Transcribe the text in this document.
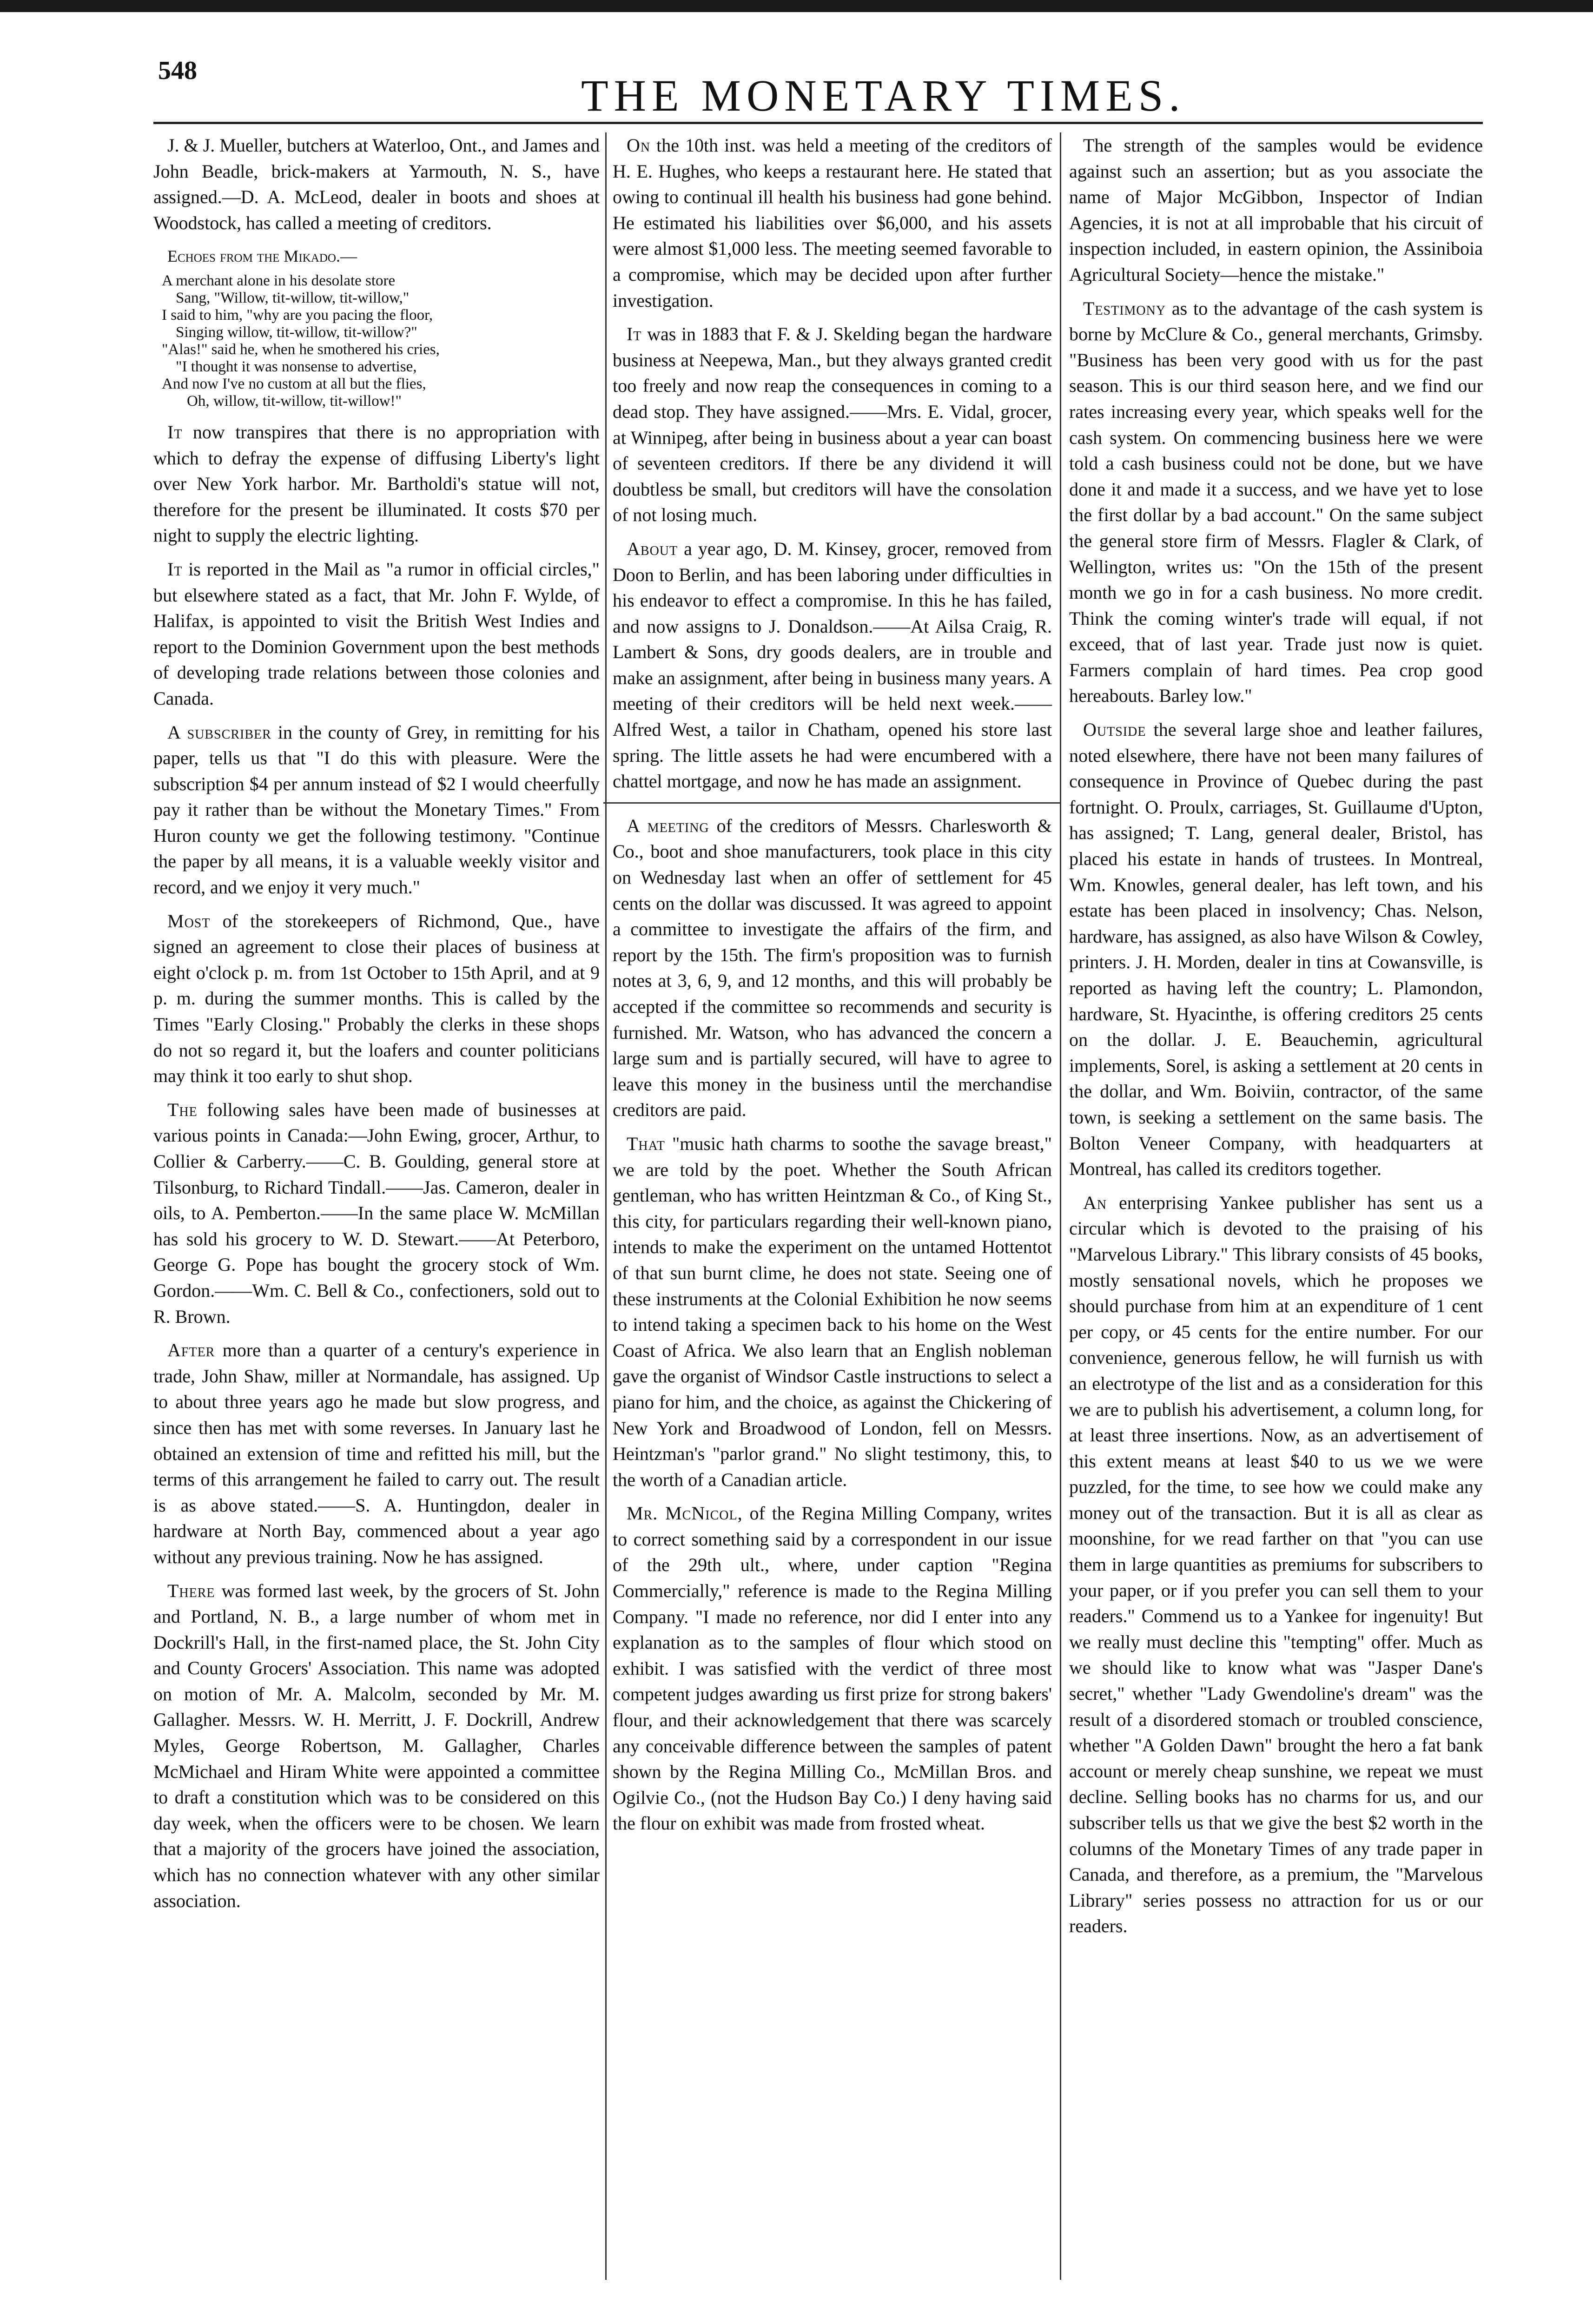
548	THE MONETARY TIMES.

J. & J. Mueller, butchers at Waterloo, Ont., and James and John Beadle, brick-makers at Yarmouth, N. S., have assigned.—D. A. McLeod, dealer in boots and shoes at Woodstock, has called a meeting of creditors.

Echoes from the Mikado.—
A merchant alone in his desolate store
Sang, "Willow, tit-willow, tit-willow,"
I said to him, "why are you pacing the floor,
Singing willow, tit-willow, tit-willow?"
"Alas!" said he, when he smothered his cries,
"I thought it was nonsense to advertise,
And now I've no custom at all but the flies,
Oh, willow, tit-willow, tit-willow!"

It now transpires that there is no appropriation with which to defray the expense of diffusing Liberty's light over New York harbor. Mr. Bartholdi's statue will not, therefore for the present be illuminated. It costs $70 per night to supply the electric lighting.

It is reported in the Mail as "a rumor in official circles," but elsewhere stated as a fact, that Mr. John F. Wylde, of Halifax, is appointed to visit the British West Indies and report to the Dominion Government upon the best methods of developing trade relations between those colonies and Canada.

A subscriber in the county of Grey, in remitting for his paper, tells us that "I do this with pleasure. Were the subscription $4 per annum instead of $2 I would cheerfully pay it rather than be without the Monetary Times." From Huron county we get the following testimony. "Continue the paper by all means, it is a valuable weekly visitor and record, and we enjoy it very much."

Most of the storekeepers of Richmond, Que., have signed an agreement to close their places of business at eight o'clock p. m. from 1st October to 15th April, and at 9 p. m. during the summer months. This is called by the Times "Early Closing." Probably the clerks in these shops do not so regard it, but the loafers and counter politicians may think it too early to shut shop.

The following sales have been made of businesses at various points in Canada:—John Ewing, grocer, Arthur, to Collier & Carberry.——C. B. Goulding, general store at Tilsonburg, to Richard Tindall.——Jas. Cameron, dealer in oils, to A. Pemberton.——In the same place W. McMillan has sold his grocery to W. D. Stewart.——At Peterboro, George G. Pope has bought the grocery stock of Wm. Gordon.——Wm. C. Bell & Co., confectioners, sold out to R. Brown.

After more than a quarter of a century's experience in trade, John Shaw, miller at Normandale, has assigned. Up to about three years ago he made but slow progress, and since then has met with some reverses. In January last he obtained an extension of time and refitted his mill, but the terms of this arrangement he failed to carry out. The result is as above stated.——S. A. Huntingdon, dealer in hardware at North Bay, commenced about a year ago without any previous training. Now he has assigned.

There was formed last week, by the grocers of St. John and Portland, N. B., a large number of whom met in Dockrill's Hall, in the first-named place, the St. John City and County Grocers' Association. This name was adopted on motion of Mr. A. Malcolm, seconded by Mr. M. Gallagher. Messrs. W. H. Merritt, J. F. Dockrill, Andrew Myles, George Robertson, M. Gallagher, Charles McMichael and Hiram White were appointed a committee to draft a constitution which was to be considered on this day week, when the officers were to be chosen. We learn that a majority of the grocers have joined the association, which has no connection whatever with any other similar association.

On the 10th inst. was held a meeting of the creditors of H. E. Hughes, who keeps a restaurant here. He stated that owing to continual ill health his business had gone behind. He estimated his liabilities over $6,000, and his assets were almost $1,000 less. The meeting seemed favorable to a compromise, which may be decided upon after further investigation.

It was in 1883 that F. & J. Skelding began the hardware business at Neepewa, Man., but they always granted credit too freely and now reap the consequences in coming to a dead stop. They have assigned.——Mrs. E. Vidal, grocer, at Winnipeg, after being in business about a year can boast of seventeen creditors. If there be any dividend it will doubtless be small, but creditors will have the consolation of not losing much.

About a year ago, D. M. Kinsey, grocer, removed from Doon to Berlin, and has been laboring under difficulties in his endeavor to effect a compromise. In this he has failed, and now assigns to J. Donaldson.——At Ailsa Craig, R. Lambert & Sons, dry goods dealers, are in trouble and make an assignment, after being in business many years. A meeting of their creditors will be held next week.——Alfred West, a tailor in Chatham, opened his store last spring. The little assets he had were encumbered with a chattel mortgage, and now he has made an assignment.

A meeting of the creditors of Messrs. Charlesworth & Co., boot and shoe manufacturers, took place in this city on Wednesday last when an offer of settlement for 45 cents on the dollar was discussed. It was agreed to appoint a committee to investigate the affairs of the firm, and report by the 15th. The firm's proposition was to furnish notes at 3, 6, 9, and 12 months, and this will probably be accepted if the committee so recommends and security is furnished. Mr. Watson, who has advanced the concern a large sum and is partially secured, will have to agree to leave this money in the business until the merchandise creditors are paid.

That "music hath charms to soothe the savage breast," we are told by the poet. Whether the South African gentleman, who has written Heintzman & Co., of King St., this city, for particulars regarding their well-known piano, intends to make the experiment on the untamed Hottentot of that sun burnt clime, he does not state. Seeing one of these instruments at the Colonial Exhibition he now seems to intend taking a specimen back to his home on the West Coast of Africa. We also learn that an English nobleman gave the organist of Windsor Castle instructions to select a piano for him, and the choice, as against the Chickering of New York and Broadwood of London, fell on Messrs. Heintzman's "parlor grand." No slight testimony, this, to the worth of a Canadian article.

Mr. McNicol, of the Regina Milling Company, writes to correct something said by a correspondent in our issue of the 29th ult., where, under caption "Regina Commercially," reference is made to the Regina Milling Company. "I made no reference, nor did I enter into any explanation as to the samples of flour which stood on exhibit. I was satisfied with the verdict of three most competent judges awarding us first prize for strong bakers' flour, and their acknowledgement that there was scarcely any conceivable difference between the samples of patent shown by the Regina Milling Co., McMillan Bros. and Ogilvie Co., (not the Hudson Bay Co.) I deny having said the flour on exhibit was made from frosted wheat.

The strength of the samples would be evidence against such an assertion; but as you associate the name of Major McGibbon, Inspector of Indian Agencies, it is not at all improbable that his circuit of inspection included, in eastern opinion, the Assiniboia Agricultural Society—hence the mistake."

Testimony as to the advantage of the cash system is borne by McClure & Co., general merchants, Grimsby. "Business has been very good with us for the past season. This is our third season here, and we find our rates increasing every year, which speaks well for the cash system. On commencing business here we were told a cash business could not be done, but we have done it and made it a success, and we have yet to lose the first dollar by a bad account." On the same subject the general store firm of Messrs. Flagler & Clark, of Wellington, writes us: "On the 15th of the present month we go in for a cash business. No more credit. Think the coming winter's trade will equal, if not exceed, that of last year. Trade just now is quiet. Farmers complain of hard times. Pea crop good hereabouts. Barley low."

Outside the several large shoe and leather failures, noted elsewhere, there have not been many failures of consequence in Province of Quebec during the past fortnight. O. Proulx, carriages, St. Guillaume d'Upton, has assigned; T. Lang, general dealer, Bristol, has placed his estate in hands of trustees. In Montreal, Wm. Knowles, general dealer, has left town, and his estate has been placed in insolvency; Chas. Nelson, hardware, has assigned, as also have Wilson & Cowley, printers. J. H. Morden, dealer in tins at Cowansville, is reported as having left the country; L. Plamondon, hardware, St. Hyacinthe, is offering creditors 25 cents on the dollar. J. E. Beauchemin, agricultural implements, Sorel, is asking a settlement at 20 cents in the dollar, and Wm. Boiviin, contractor, of the same town, is seeking a settlement on the same basis. The Bolton Veneer Company, with headquarters at Montreal, has called its creditors together.

An enterprising Yankee publisher has sent us a circular which is devoted to the praising of his "Marvelous Library." This library consists of 45 books, mostly sensational novels, which he proposes we should purchase from him at an expenditure of 1 cent per copy, or 45 cents for the entire number. For our convenience, generous fellow, he will furnish us with an electrotype of the list and as a consideration for this we are to publish his advertisement, a column long, for at least three insertions. Now, as an advertisement of this extent means at least $40 to us we we were puzzled, for the time, to see how we could make any money out of the transaction. But it is all as clear as moonshine, for we read farther on that "you can use them in large quantities as premiums for subscribers to your paper, or if you prefer you can sell them to your readers." Commend us to a Yankee for ingenuity! But we really must decline this "tempting" offer. Much as we should like to know what was "Jasper Dane's secret," whether "Lady Gwendoline's dream" was the result of a disordered stomach or troubled conscience, whether "A Golden Dawn" brought the hero a fat bank account or merely cheap sunshine, we repeat we must decline. Selling books has no charms for us, and our subscriber tells us that we give the best $2 worth in the columns of the Monetary Times of any trade paper in Canada, and therefore, as a premium, the "Marvelous Library" series possess no attraction for us or our readers.
